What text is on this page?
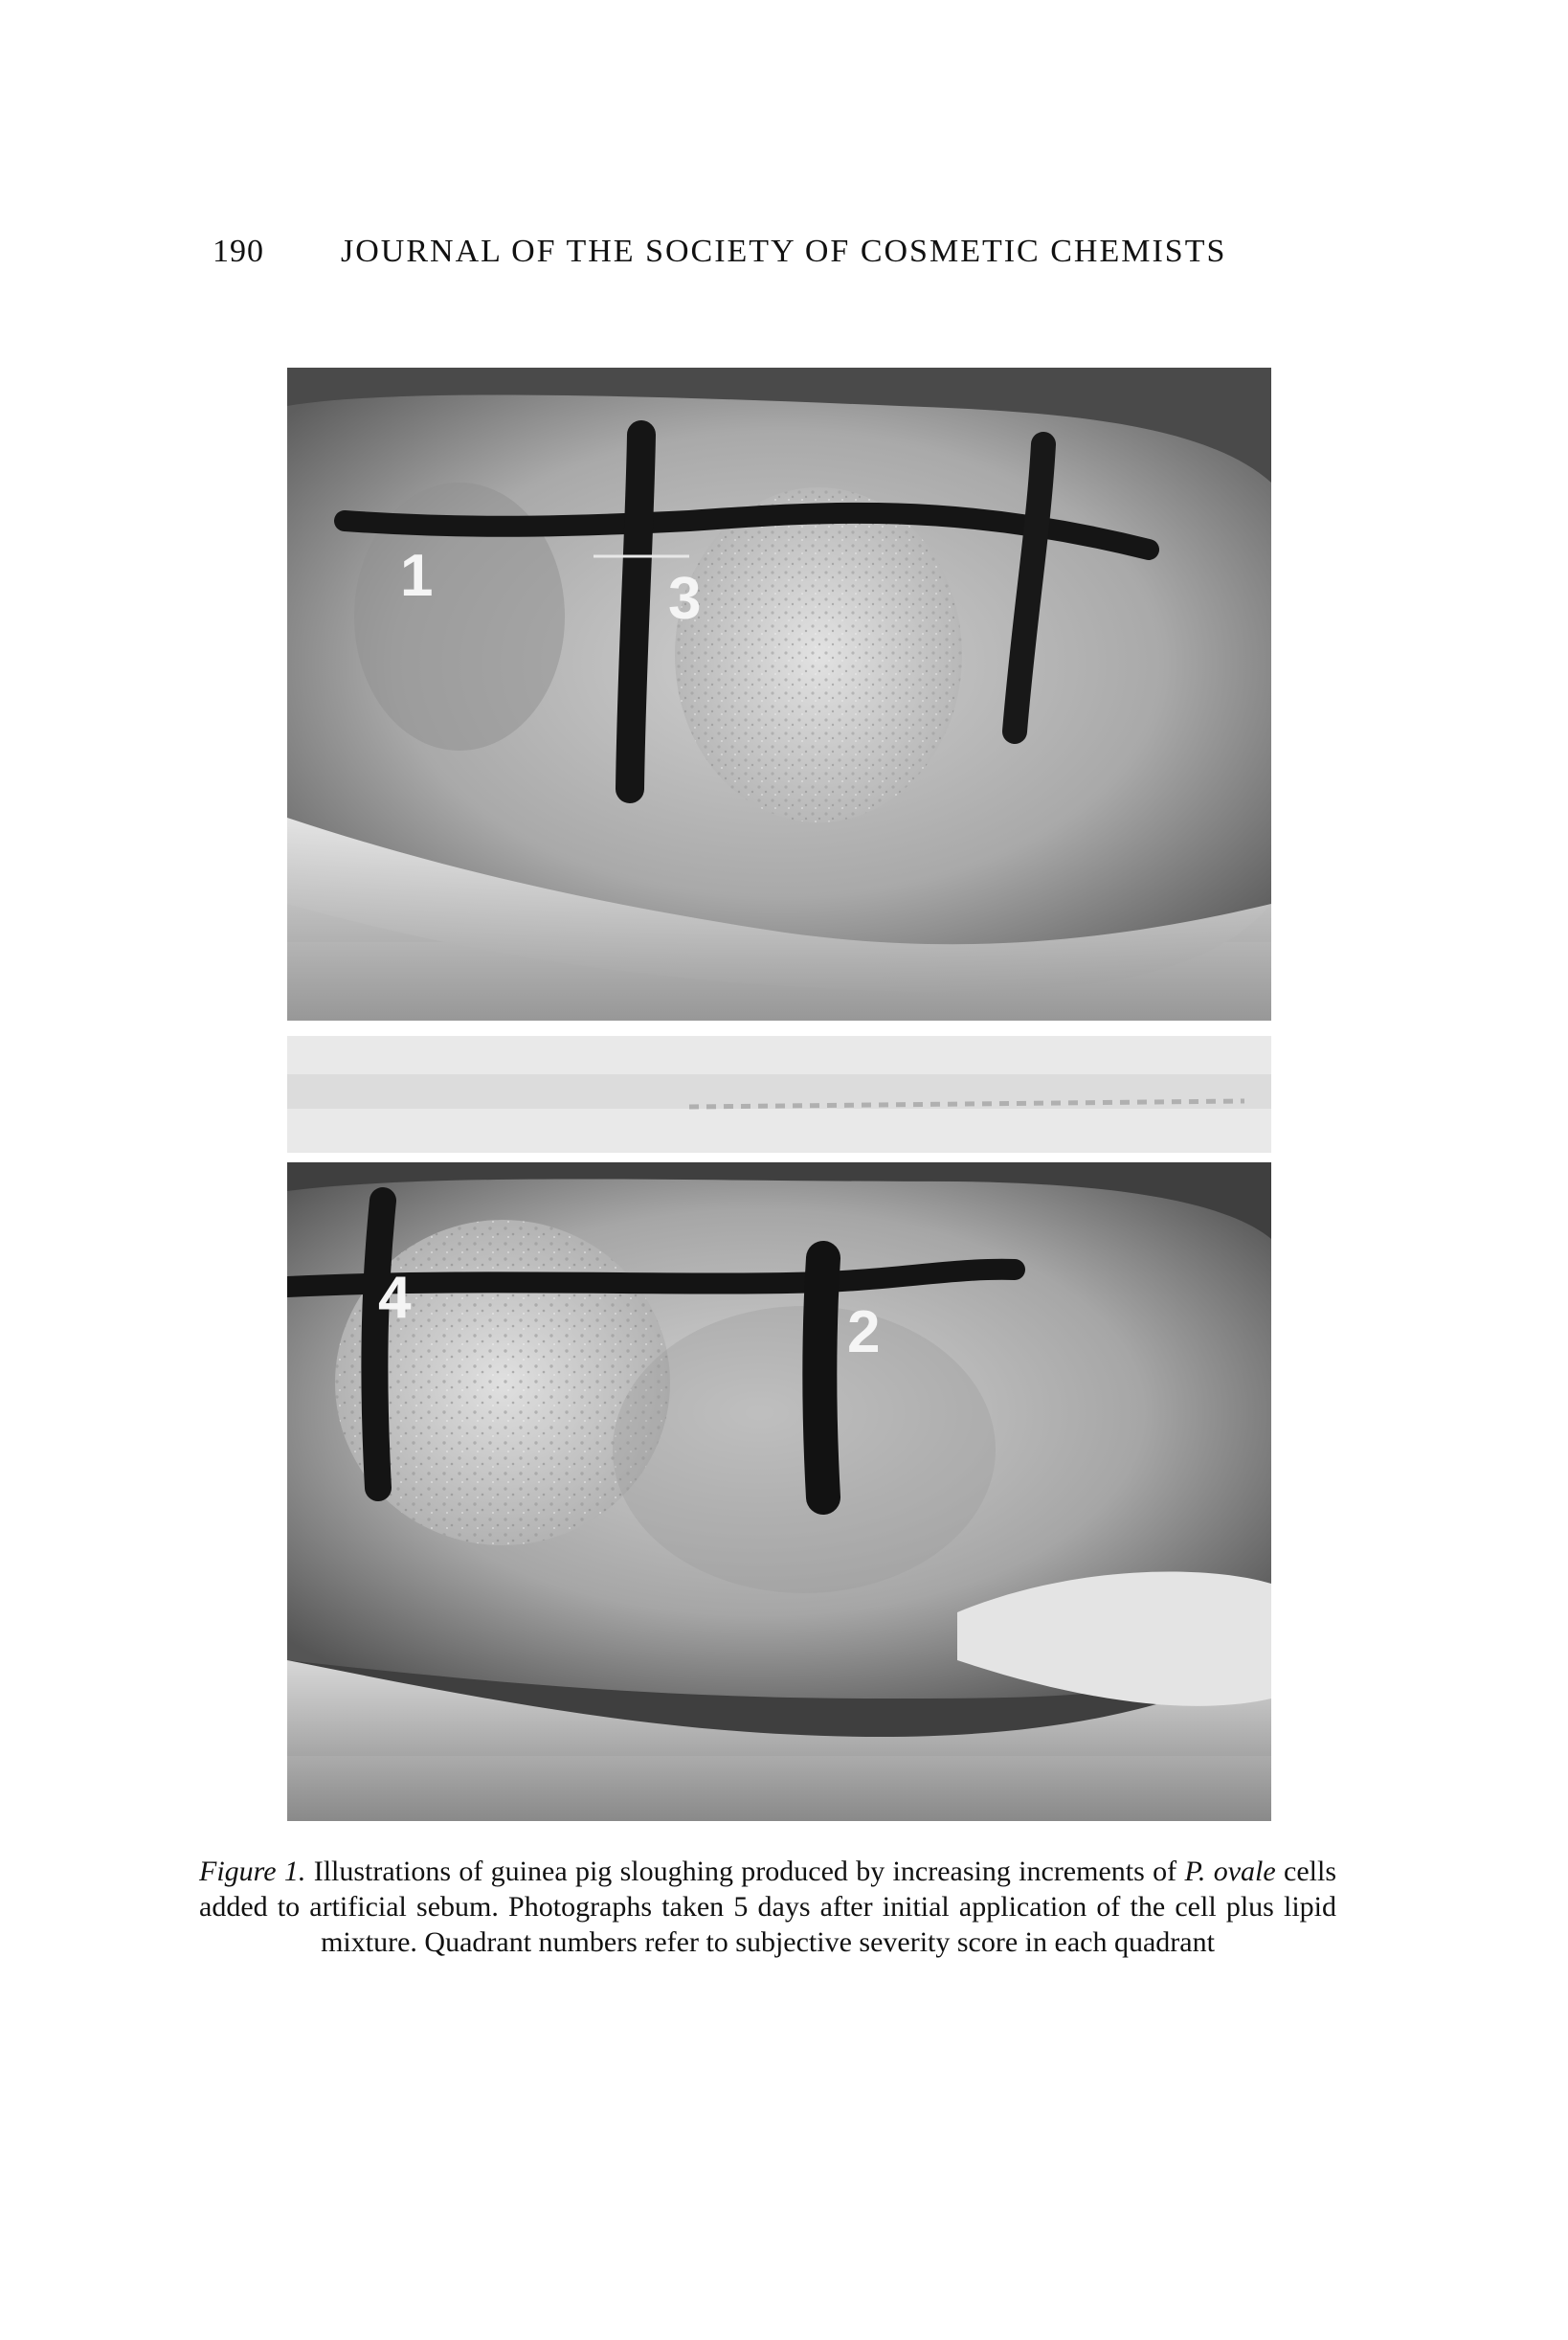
190 JOURNAL OF THE SOCIETY OF COSMETIC CHEMISTS
1	3
4
2

Figure 1. Illustrations of guinea pig sloughing produced by increasing increments of P. ovale cells added to artificial sebum. Photographs taken 5 days after initial application of the cell plus lipid mixture. Quadrant numbers refer to subjective severity score in each quadrant
